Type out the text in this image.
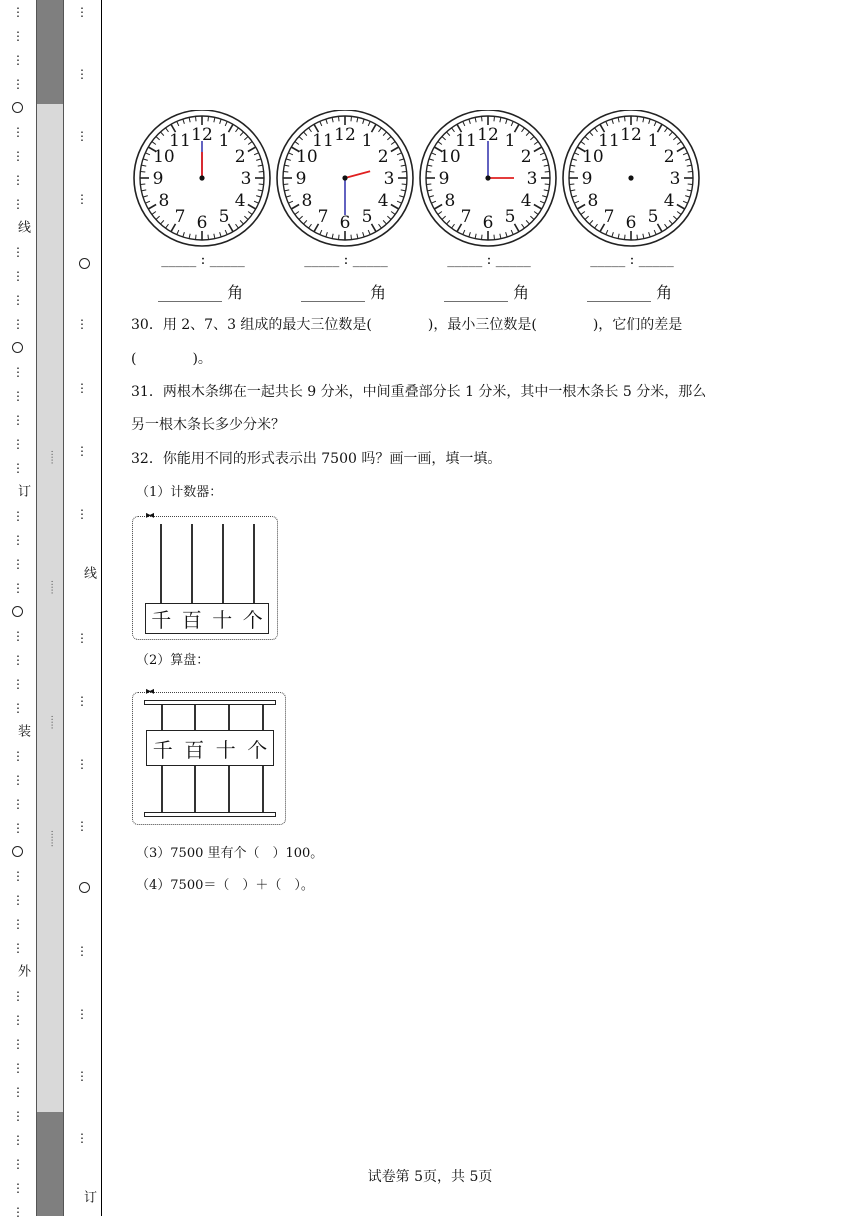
⋮
⋮
⋮
⋮
⋮
⋮
⋮
⋮
线
⋮
⋮
⋮
⋮
⋮
⋮
⋮
⋮
⋮
订
⋮
⋮
⋮
⋮
⋮
⋮
⋮
⋮
装
⋮
⋮
⋮
⋮
⋮
⋮
⋮
⋮
外
⋮
⋮
⋮
⋮
⋮
⋮
⋮
⋮
⋮
⋮
·····
·····
·····
······
⋮
⋮
⋮
⋮
⋮
⋮
⋮
⋮
⋮
⋮
⋮
⋮
⋮
⋮
⋮
⋮
线
订
12 1
2
3
4
5
6
7
8
9
10
11
_____ : _____
________ 角
12 1
2
3
4
5
6
7
8
9
10
11
_____ : _____
________ 角
12 1
2
3
4
5
6
7
8
9
10
11
_____ : _____
________ 角
12 1
2
3
4
5
6
7
8
9
10
11
_____ : _____
________ 角
30．用 2、7、3 组成的最大三位数是(　　　　)，最小三位数是(　　　　)，它们的差是
(　　　　)。
31．两根木条绑在一起共长 9 分米，中间重叠部分长 1 分米，其中一根木条长 5 分米，那么
另一根木条长多少分米？
32．你能用不同的形式表示出 7500 吗？画一画，填一填。
（1）计数器：
▸◂
千 百 十 个
（2）算盘：
▸◂
千 百 十 个
（3）7500 里有个（　）100。
（4）7500＝（　）＋（　）。
试卷第 5页，共 5页
